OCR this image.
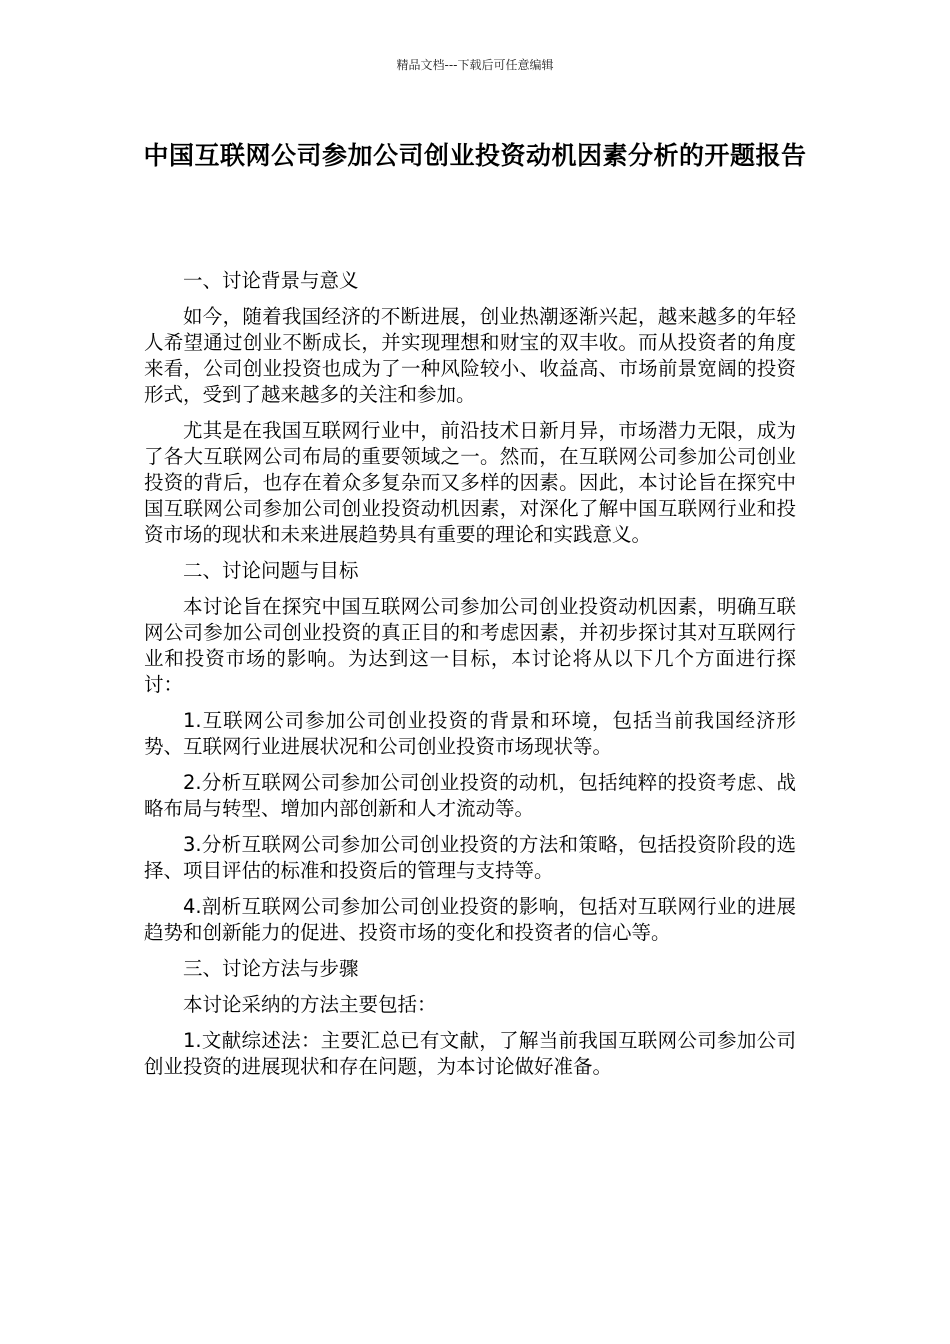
精品文档---下载后可任意编辑
中国互联网公司参加公司创业投资动机因素分析的开题报告

一、讨论背景与意义

如今，随着我国经济的不断进展，创业热潮逐渐兴起，越来越多的年轻人希望通过创业不断成长，并实现理想和财宝的双丰收。而从投资者的角度来看，公司创业投资也成为了一种风险较小、收益高、市场前景宽阔的投资形式，受到了越来越多的关注和参加。

尤其是在我国互联网行业中，前沿技术日新月异，市场潜力无限，成为了各大互联网公司布局的重要领域之一。然而，在互联网公司参加公司创业投资的背后，也存在着众多复杂而又多样的因素。因此，本讨论旨在探究中国互联网公司参加公司创业投资动机因素，对深化了解中国互联网行业和投资市场的现状和未来进展趋势具有重要的理论和实践意义。

二、讨论问题与目标

本讨论旨在探究中国互联网公司参加公司创业投资动机因素，明确互联网公司参加公司创业投资的真正目的和考虑因素，并初步探讨其对互联网行业和投资市场的影响。为达到这一目标，本讨论将从以下几个方面进行探讨：

1.互联网公司参加公司创业投资的背景和环境，包括当前我国经济形势、互联网行业进展状况和公司创业投资市场现状等。

2.分析互联网公司参加公司创业投资的动机，包括纯粹的投资考虑、战略布局与转型、增加内部创新和人才流动等。

3.分析互联网公司参加公司创业投资的方法和策略，包括投资阶段的选择、项目评估的标准和投资后的管理与支持等。

4.剖析互联网公司参加公司创业投资的影响，包括对互联网行业的进展趋势和创新能力的促进、投资市场的变化和投资者的信心等。

三、讨论方法与步骤

本讨论采纳的方法主要包括：

1.文献综述法：主要汇总已有文献，了解当前我国互联网公司参加公司创业投资的进展现状和存在问题，为本讨论做好准备。
